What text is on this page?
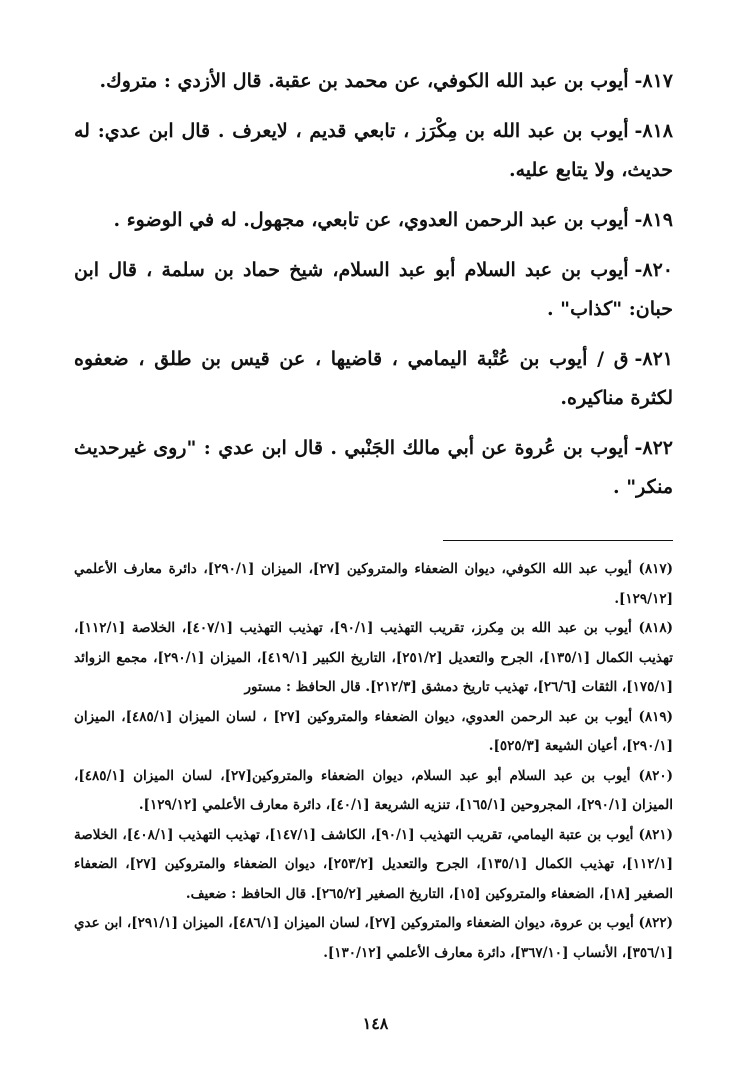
٨١٧-أيوب بن عبد الله الكوفي، عن محمد بن عقبة. قال الأزدي : متروك.

٨١٨-أيوب بن عبد الله بن مِكْرَز ، تابعي قديم ، لايعرف . قال ابن عدي: له حديث، ولا يتابع عليه.

٨١٩-أيوب بن عبد الرحمن العدوي، عن تابعي، مجهول. له في الوضوء .

٨٢٠-أيوب بن عبد السلام أبو عبد السلام، شيخ حماد بن سلمة ، قال ابن حبان: "كذاب" .

٨٢١-ق / أيوب بن عُتْبة اليمامي ، قاضيها ، عن قيس بن طلق ، ضعفوه لكثرة مناكيره.

٨٢٢-أيوب بن عُروة عن أبي مالك الجَنْبي . قال ابن عدي : "روى غيرحديث منكر" .

(٨١٧) أيوب عبد الله الكوفي، ديوان الضعفاء والمتروكين [٢٧]، الميزان [٢٩٠/١]، دائرة معارف الأعلمي [١٢٩/١٢].

(٨١٨) أيوب بن عبد الله بن مِكرز، تقريب التهذيب [٩٠/١]، تهذيب التهذيب [٤٠٧/١]، الخلاصة [١١٢/١]، تهذيب الكمال [١٣٥/١]، الجرح والتعديل [٢٥١/٢]، التاريخ الكبير [٤١٩/١]، الميزان [٢٩٠/١]، مجمع الزوائد [١٧٥/١]، الثقات [٢٦/٦]، تهذيب تاريخ دمشق [٢١٢/٣]. قال الحافظ : مستور

(٨١٩) أيوب بن عبد الرحمن العدوي، ديوان الضعفاء والمتروكين [٢٧] ، لسان الميزان [٤٨٥/١]، الميزان [٢٩٠/١]، أعيان الشيعة [٥٢٥/٣].

(٨٢٠) أيوب بن عبد السلام أبو عبد السلام، ديوان الضعفاء والمتروكين[٢٧]، لسان الميزان [٤٨٥/١]، الميزان [٢٩٠/١]، المجروحين [١٦٥/١]، تنزيه الشريعة [٤٠/١]، دائرة معارف الأعلمي [١٢٩/١٢].

(٨٢١) أيوب بن عتبة اليمامي، تقريب التهذيب [٩٠/١]، الكاشف [١٤٧/١]، تهذيب التهذيب [٤٠٨/١]، الخلاصة [١١٢/١]، تهذيب الكمال [١٣٥/١]، الجرح والتعديل [٢٥٣/٢]، ديوان الضعفاء والمتروكين [٢٧]، الضعفاء الصغير [١٨]، الضعفاء والمتروكين [١٥]، التاريخ الصغير [٢٦٥/٢]. قال الحافظ : ضعيف.

(٨٢٢) أيوب بن عروة، ديوان الضعفاء والمتروكين [٢٧]، لسان الميزان [٤٨٦/١]، الميزان [٢٩١/١]، ابن عدي [٣٥٦/١]، الأنساب [٣٦٧/١٠]، دائرة معارف الأعلمي [١٣٠/١٢].

١٤٨
